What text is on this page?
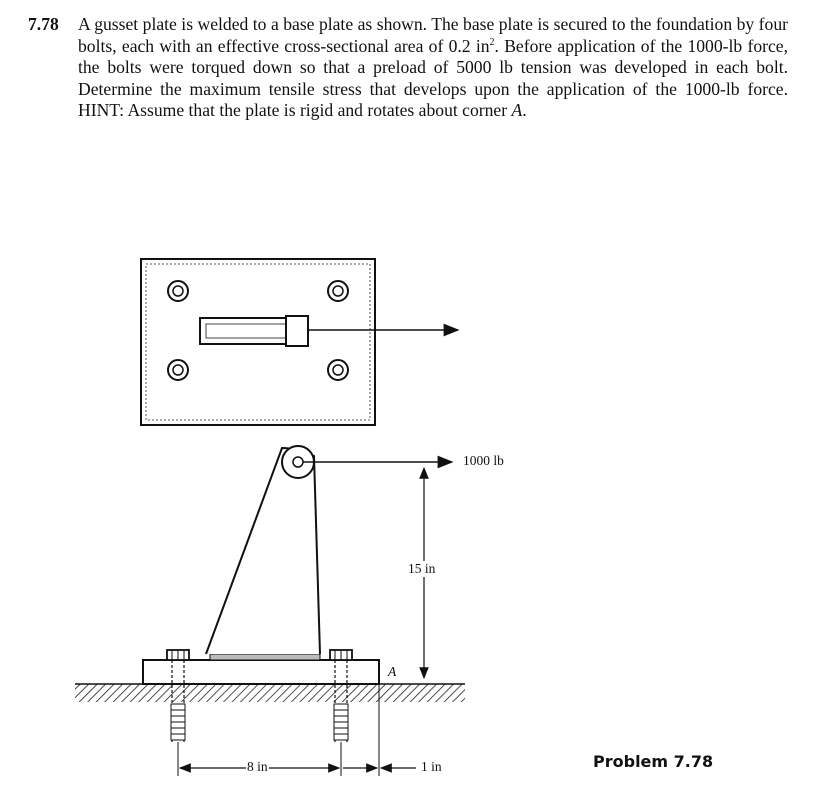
7.78 A gusset plate is welded to a base plate as shown. The base plate is secured to the foundation by four bolts, each with an effective cross-sectional area of 0.2 $in^2$. Before application of the 1000-lb force, the bolts were torqued down so that a preload of 5000 lb tension was developed in each bolt. Determine the maximum tensile stress that develops upon the application of the 1000-lb force. HINT: Assume that the plate is rigid and rotates about corner A.
1000 lb
15 in
A
8 in	1 in	Problem 7.78
